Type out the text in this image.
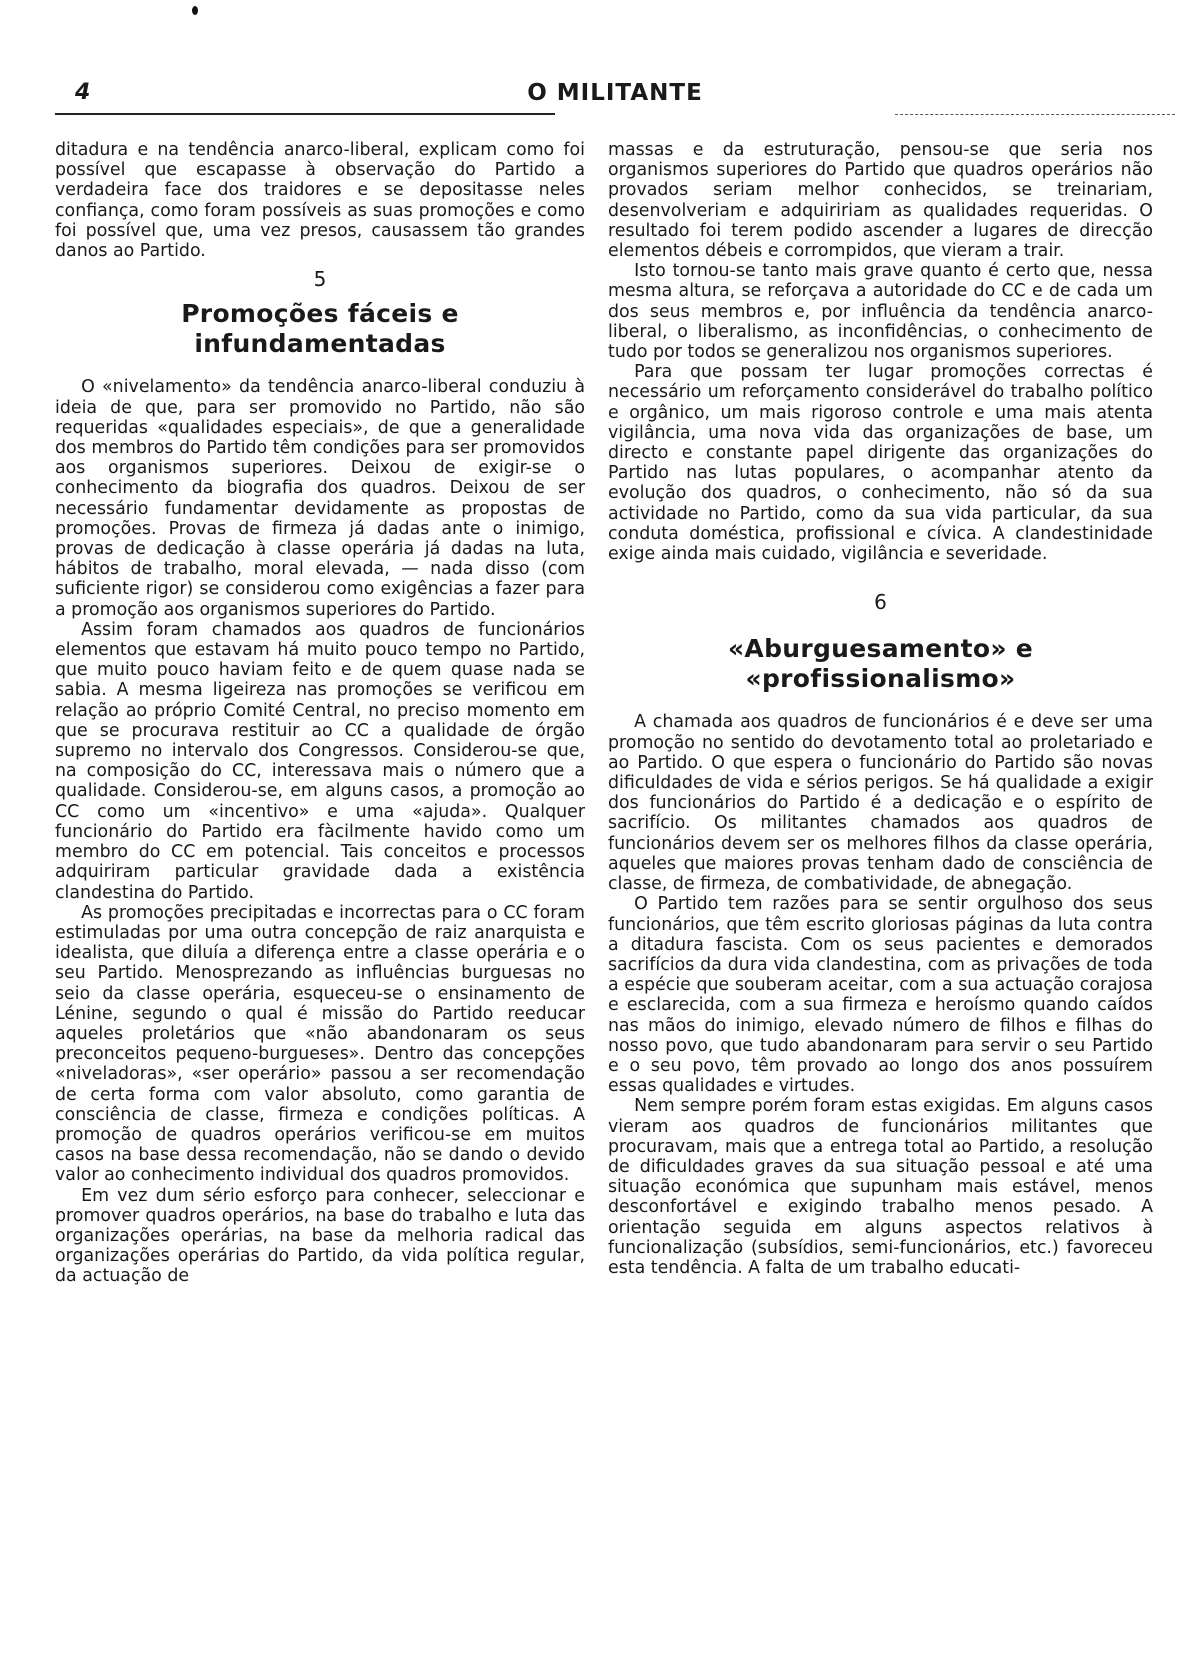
4	O MILITANTE

ditadura e na tendência anarco-liberal, explicam como foi possível que escapasse à observação do Partido a verdadeira face dos traidores e se depositasse neles confiança, como foram possíveis as suas promoções e como foi possível que, uma vez presos, causassem tão grandes danos ao Partido.

5
Promoções fáceis e infundamentadas

O «nivelamento» da tendência anarco-liberal conduziu à ideia de que, para ser promovido no Partido, não são requeridas «qualidades especiais», de que a generalidade dos membros do Partido têm condições para ser promovidos aos organismos superiores. Deixou de exigir-se o conhecimento da biografia dos quadros. Deixou de ser necessário fundamentar devidamente as propostas de promoções. Provas de firmeza já dadas ante o inimigo, provas de dedicação à classe operária já dadas na luta, hábitos de trabalho, moral elevada, — nada disso (com suficiente rigor) se considerou como exigências a fazer para a promoção aos organismos superiores do Partido.

Assim foram chamados aos quadros de funcionários elementos que estavam há muito pouco tempo no Partido, que muito pouco haviam feito e de quem quase nada se sabia. A mesma ligeireza nas promoções se verificou em relação ao próprio Comité Central, no preciso momento em que se procurava restituir ao CC a qualidade de órgão supremo no intervalo dos Congressos. Considerou-se que, na composição do CC, interessava mais o número que a qualidade. Considerou-se, em alguns casos, a promoção ao CC como um «incentivo» e uma «ajuda». Qualquer funcionário do Partido era fàcilmente havido como um membro do CC em potencial. Tais conceitos e processos adquiriram particular gravidade dada a existência clandestina do Partido.

As promoções precipitadas e incorrectas para o CC foram estimuladas por uma outra concepção de raiz anarquista e idealista, que diluía a diferença entre a classe operária e o seu Partido. Menosprezando as influências burguesas no seio da classe operária, esqueceu-se o ensinamento de Lénine, segundo o qual é missão do Partido reeducar aqueles proletários que «não abandonaram os seus preconceitos pequeno-burgueses». Dentro das concepções «niveladoras», «ser operário» passou a ser recomendação de certa forma com valor absoluto, como garantia de consciência de classe, firmeza e condições políticas. A promoção de quadros operários verificou-se em muitos casos na base dessa recomendação, não se dando o devido valor ao conhecimento individual dos quadros promovidos.

Em vez dum sério esforço para conhecer, seleccionar e promover quadros operários, na base do trabalho e luta das organizações operárias, na base da melhoria radical das organizações operárias do Partido, da vida política regular, da actuação de

massas e da estruturação, pensou-se que seria nos organismos superiores do Partido que quadros operários não provados seriam melhor conhecidos, se treinariam, desenvolveriam e adquiririam as qualidades requeridas. O resultado foi terem podido ascender a lugares de direcção elementos débeis e corrompidos, que vieram a trair.

Isto tornou-se tanto mais grave quanto é certo que, nessa mesma altura, se reforçava a autoridade do CC e de cada um dos seus membros e, por influência da tendência anarco-liberal, o liberalismo, as inconfidências, o conhecimento de tudo por todos se generalizou nos organismos superiores.

Para que possam ter lugar promoções correctas é necessário um reforçamento considerável do trabalho político e orgânico, um mais rigoroso controle e uma mais atenta vigilância, uma nova vida das organizações de base, um directo e constante papel dirigente das organizações do Partido nas lutas populares, o acompanhar atento da evolução dos quadros, o conhecimento, não só da sua actividade no Partido, como da sua vida particular, da sua conduta doméstica, profissional e cívica. A clandestinidade exige ainda mais cuidado, vigilância e severidade.

6
«Aburguesamento» e «profissionalismo»

A chamada aos quadros de funcionários é e deve ser uma promoção no sentido do devotamento total ao proletariado e ao Partido. O que espera o funcionário do Partido são novas dificuldades de vida e sérios perigos. Se há qualidade a exigir dos funcionários do Partido é a dedicação e o espírito de sacrifício. Os militantes chamados aos quadros de funcionários devem ser os melhores filhos da classe operária, aqueles que maiores provas tenham dado de consciência de classe, de firmeza, de combatividade, de abnegação.

O Partido tem razões para se sentir orgulhoso dos seus funcionários, que têm escrito gloriosas páginas da luta contra a ditadura fascista. Com os seus pacientes e demorados sacrifícios da dura vida clandestina, com as privações de toda a espécie que souberam aceitar, com a sua actuação corajosa e esclarecida, com a sua firmeza e heroísmo quando caídos nas mãos do inimigo, elevado número de filhos e filhas do nosso povo, que tudo abandonaram para servir o seu Partido e o seu povo, têm provado ao longo dos anos possuírem essas qualidades e virtudes.

Nem sempre porém foram estas exigidas. Em alguns casos vieram aos quadros de funcionários militantes que procuravam, mais que a entrega total ao Partido, a resolução de dificuldades graves da sua situação pessoal e até uma situação económica que supunham mais estável, menos desconfortável e exigindo trabalho menos pesado. A orientação seguida em alguns aspectos relativos à funcionalização (subsídios, semi-funcionários, etc.) favoreceu esta tendência. A falta de um trabalho educati-
